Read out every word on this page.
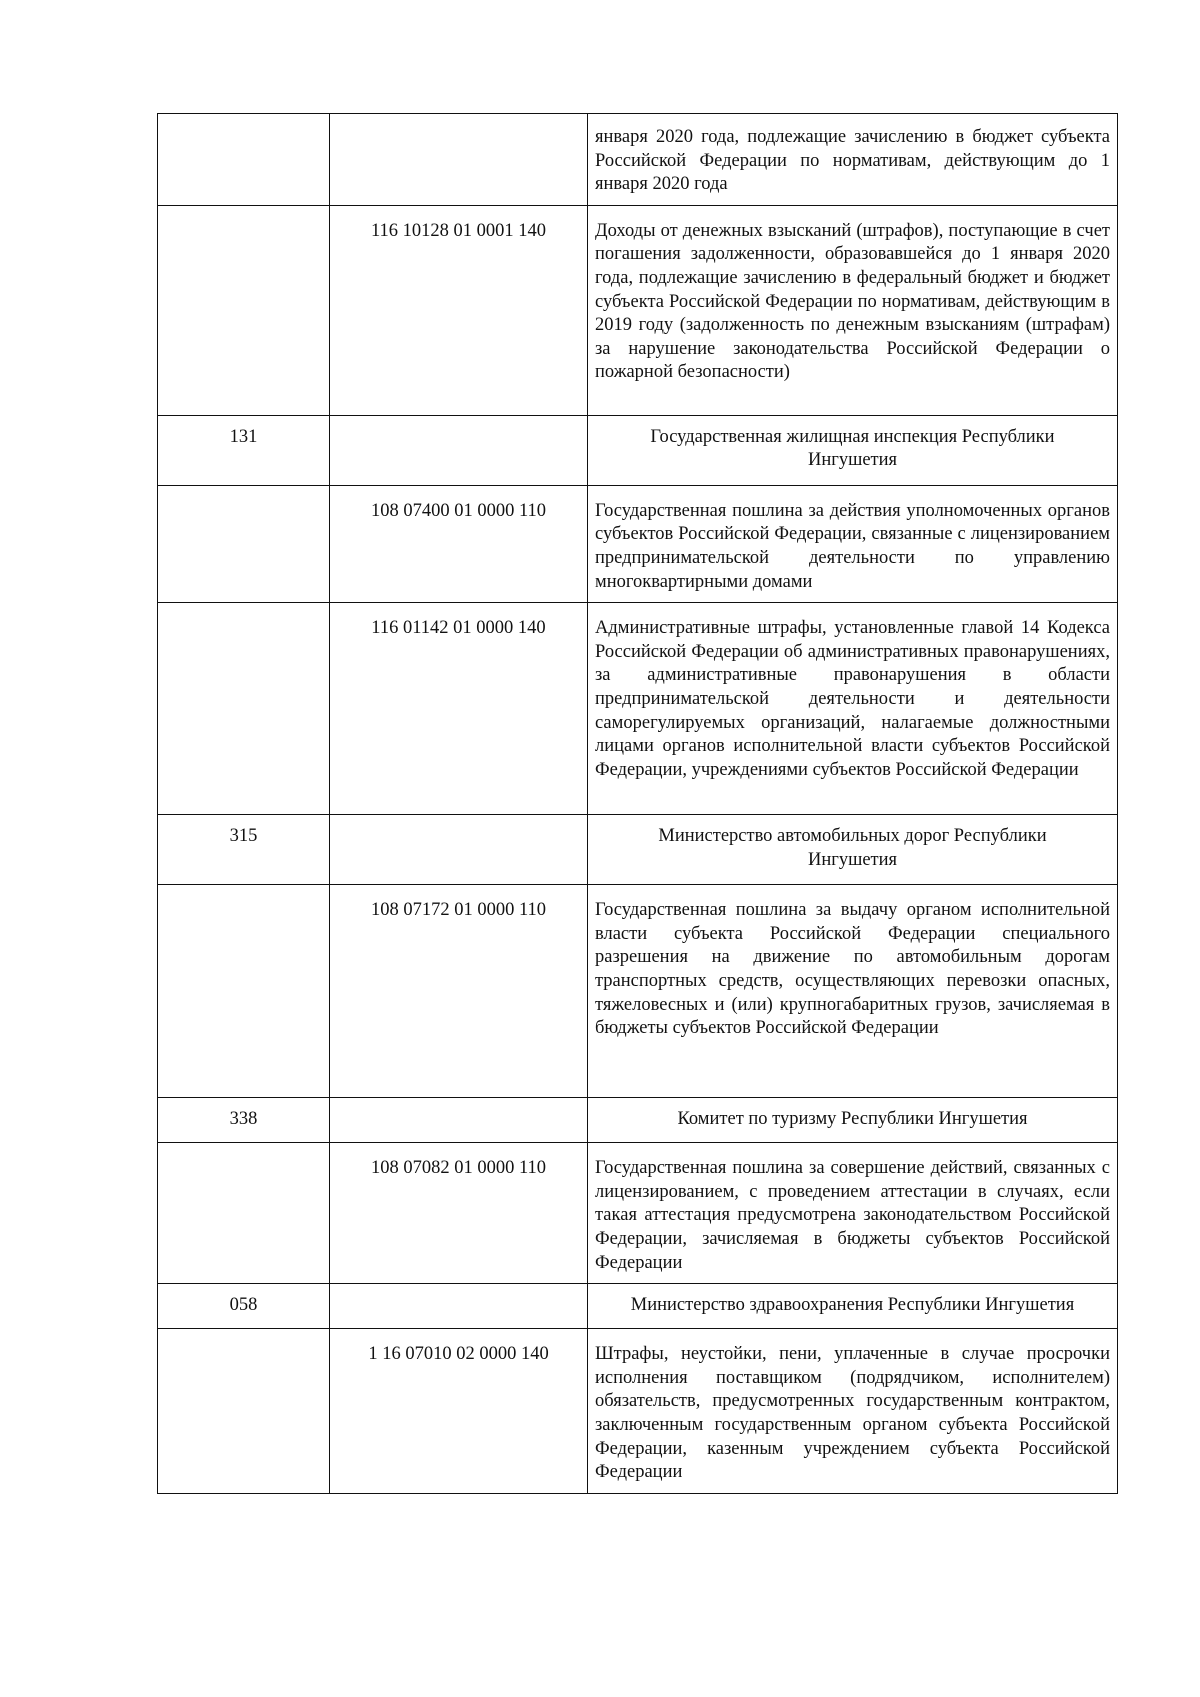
		января 2020 года, подлежащие зачислению в бюджет субъекта Российской Федерации по нормативам, действующим до 1 января 2020 года
	116 10128 01 0001 140	Доходы от денежных взысканий (штрафов), поступающие в счет погашения задолженности, образовавшейся до 1 января 2020 года, подлежащие зачислению в федеральный бюджет и бюджет субъекта Российской Федерации по нормативам, действующим в 2019 году (задолженность по денежным взысканиям (штрафам) за нарушение законодательства Российской Федерации о пожарной безопасности)
131		Государственная жилищная инспекция Республики Ингушетия
	108 07400 01 0000 110	Государственная пошлина за действия уполномоченных органов субъектов Российской Федерации, связанные с лицензированием предпринимательской деятельности по управлению многоквартирными домами
	116 01142 01 0000 140	Административные штрафы, установленные главой 14 Кодекса Российской Федерации об административных правонарушениях, за административные правонарушения в области предпринимательской деятельности и деятельности саморегулируемых организаций, налагаемые должностными лицами органов исполнительной власти субъектов Российской Федерации, учреждениями субъектов Российской Федерации
315		Министерство автомобильных дорог Республики Ингушетия
	108 07172 01 0000 110	Государственная пошлина за выдачу органом исполнительной власти субъекта Российской Федерации специального разрешения на движение по автомобильным дорогам транспортных средств, осуществляющих перевозки опасных, тяжеловесных и (или) крупногабаритных грузов, зачисляемая в бюджеты субъектов Российской Федерации
338		Комитет по туризму Республики Ингушетия
	108 07082 01 0000 110	Государственная пошлина за совершение действий, связанных с лицензированием, с проведением аттестации в случаях, если такая аттестация предусмотрена законодательством Российской Федерации, зачисляемая в бюджеты субъектов Российской Федерации
058		Министерство здравоохранения Республики Ингушетия
	1 16 07010 02 0000 140	Штрафы, неустойки, пени, уплаченные в случае просрочки исполнения поставщиком (подрядчиком, исполнителем) обязательств, предусмотренных государственным контрактом, заключенным государственным органом субъекта Российской Федерации, казенным учреждением субъекта Российской Федерации
